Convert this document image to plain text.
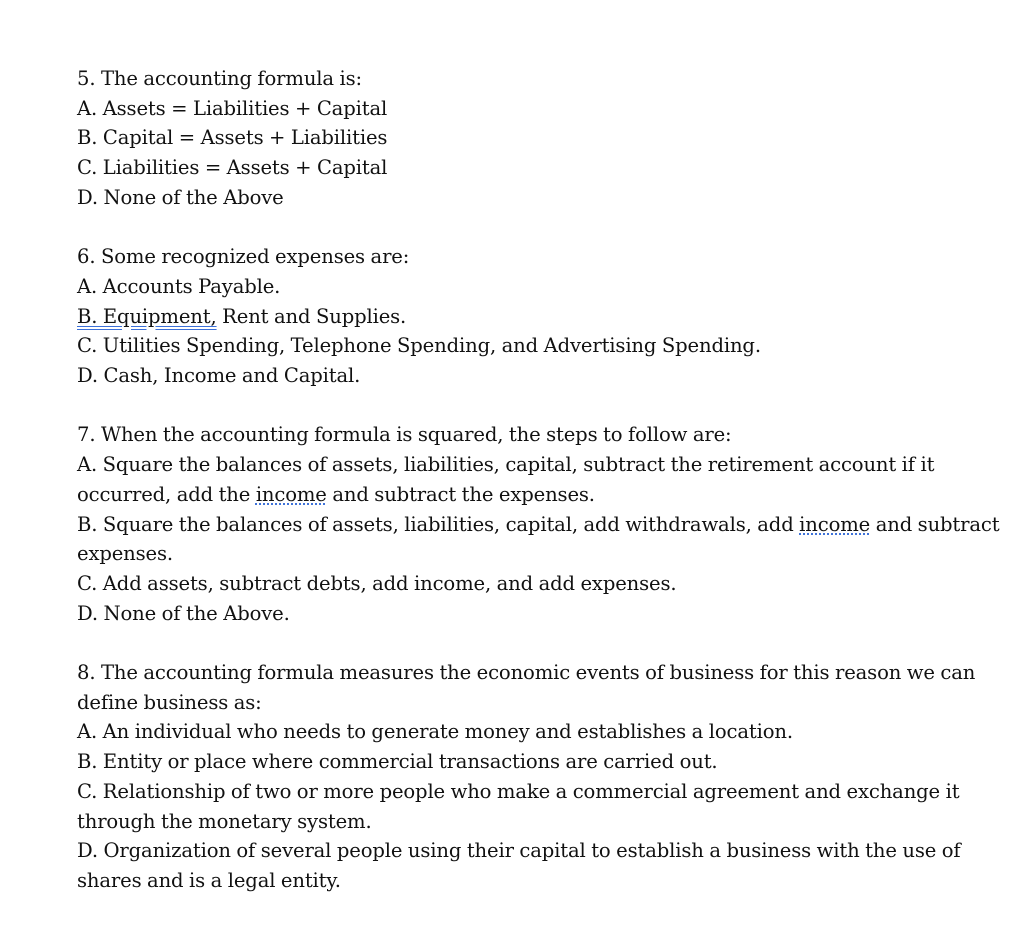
5. The accounting formula is:
A. Assets = Liabilities + Capital
B. Capital = Assets + Liabilities
C. Liabilities = Assets + Capital
D. None of the Above
6. Some recognized expenses are:
A. Accounts Payable.
B. Equipment, Rent and Supplies.
C. Utilities Spending, Telephone Spending, and Advertising Spending.
D. Cash, Income and Capital.
7. When the accounting formula is squared, the steps to follow are:
A. Square the balances of assets, liabilities, capital, subtract the retirement account if it occurred, add the income and subtract the expenses.
B. Square the balances of assets, liabilities, capital, add withdrawals, add income and subtract expenses.
C. Add assets, subtract debts, add income, and add expenses.
D. None of the Above.
8. The accounting formula measures the economic events of business for this reason we can define business as:
A. An individual who needs to generate money and establishes a location.
B. Entity or place where commercial transactions are carried out.
C. Relationship of two or more people who make a commercial agreement and exchange it through the monetary system.
D. Organization of several people using their capital to establish a business with the use of shares and is a legal entity.
